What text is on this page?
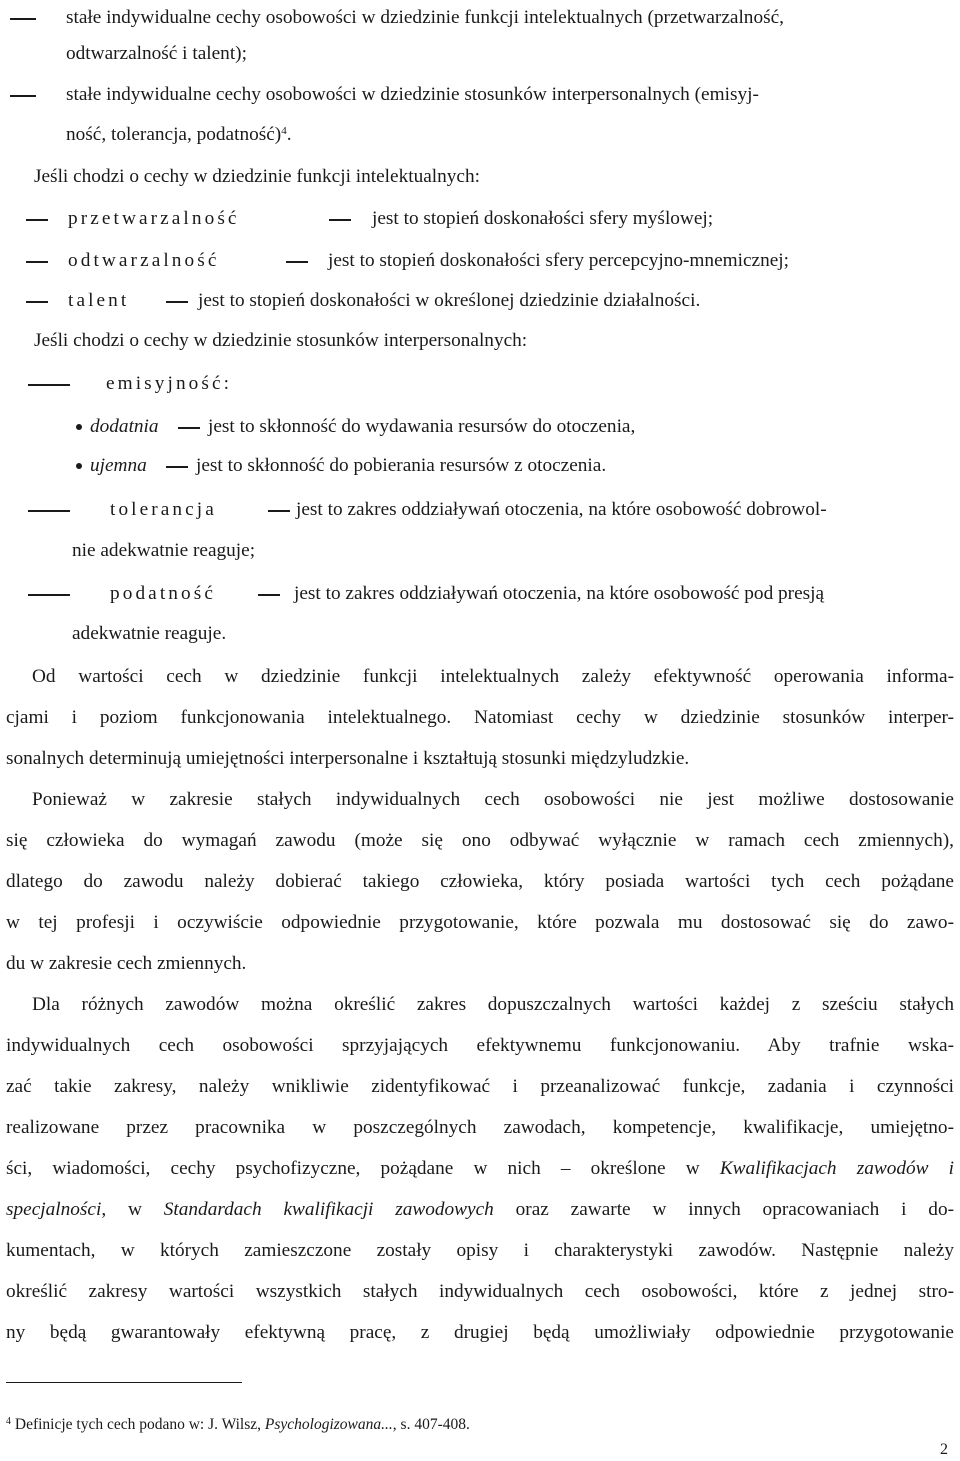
stałe indywidualne cechy osobowości w dziedzinie funkcji intelektualnych (przetwarzalność,
odtwarzalność i talent);
stałe indywidualne cechy osobowości w dziedzinie stosunków interpersonalnych (emisyj-
ność, tolerancja, podatność)$^4$.
Jeśli chodzi o cechy w dziedzinie funkcji intelektualnych:
przetwarzalność	jest to stopień doskonałości sfery myślowej;
odtwarzalność	jest to stopień doskonałości sfery percepcyjno-mnemicznej;
talent	jest to stopień doskonałości w określonej dziedzinie działalności.
Jeśli chodzi o cechy w dziedzinie stosunków interpersonalnych:
emisyjność:
dodatnia	jest to skłonność do wydawania resursów do otoczenia,
ujemna	jest to skłonność do pobierania resursów z otoczenia.
tolerancja	jest to zakres oddziaływań otoczenia, na które osobowość dobrowol-
nie adekwatnie reaguje;
podatność	jest to zakres oddziaływań otoczenia, na które osobowość pod presją
adekwatnie reaguje.
Od wartości cech w dziedzinie funkcji intelektualnych zależy efektywność operowania informa-
cjami i poziom funkcjonowania intelektualnego. Natomiast cechy w dziedzinie stosunków interper-
sonalnych determinują umiejętności interpersonalne i kształtują stosunki międzyludzkie.
Ponieważ w zakresie stałych indywidualnych cech osobowości nie jest możliwe dostosowanie
się człowieka do wymagań zawodu (może się ono odbywać wyłącznie w ramach cech zmiennych),
dlatego do zawodu należy dobierać takiego człowieka, który posiada wartości tych cech pożądane
w tej profesji i oczywiście odpowiednie przygotowanie, które pozwala mu dostosować się do zawo-
du w zakresie cech zmiennych.
Dla różnych zawodów można określić zakres dopuszczalnych wartości każdej z sześciu stałych
indywidualnych cech osobowości sprzyjających efektywnemu funkcjonowaniu. Aby trafnie wska-
zać takie zakresy, należy wnikliwie zidentyfikować i przeanalizować funkcje, zadania i czynności
realizowane przez pracownika w poszczególnych zawodach, kompetencje, kwalifikacje, umiejętno-
ści, wiadomości, cechy psychofizyczne, pożądane w nich – określone w Kwalifikacjach zawodów i
specjalności, w Standardach kwalifikacji zawodowych oraz zawarte w innych opracowaniach i do-
kumentach, w których zamieszczone zostały opisy i charakterystyki zawodów. Następnie należy
określić zakresy wartości wszystkich stałych indywidualnych cech osobowości, które z jednej stro-
ny będą gwarantowały efektywną pracę, z drugiej będą umożliwiały odpowiednie przygotowanie
$^4$ Definicje tych cech podano w: J. Wilsz, Psychologizowana..., s. 407-408.
2
